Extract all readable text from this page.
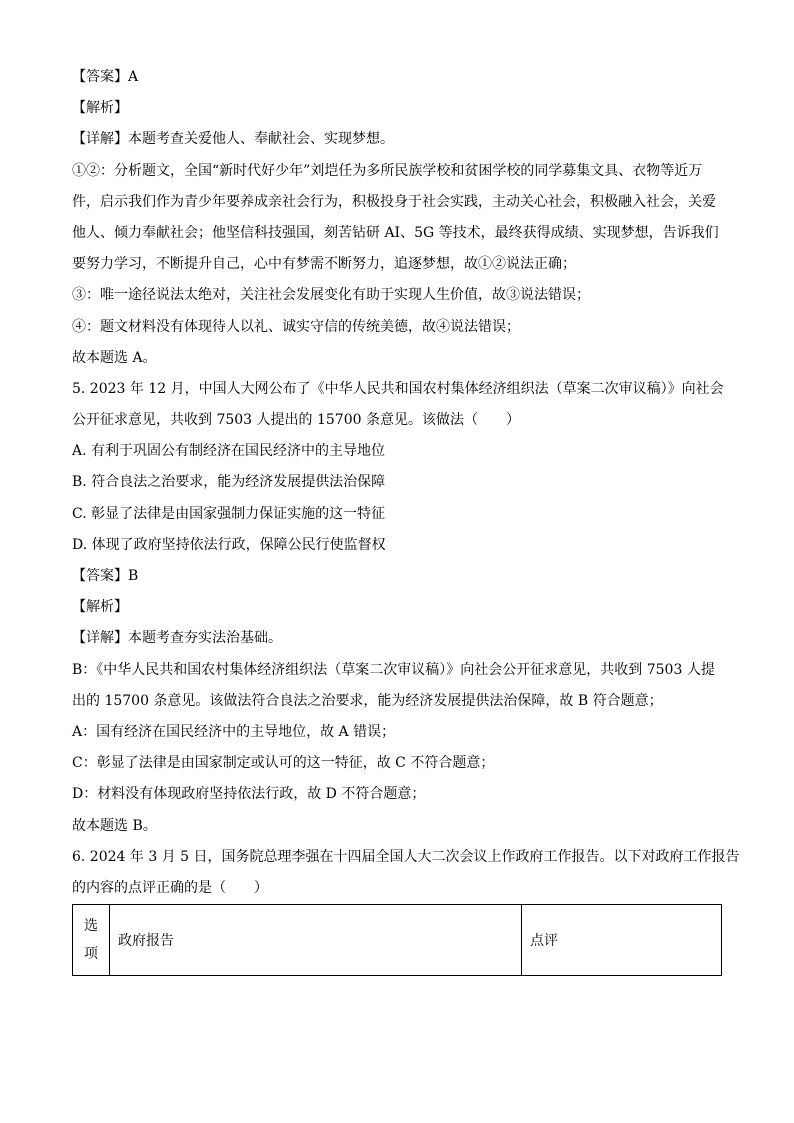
【答案】A
【解析】
【详解】本题考查关爱他人、奉献社会、实现梦想。
①②：分析题文，全国“新时代好少年”刘垲任为多所民族学校和贫困学校的同学募集文具、衣物等近万
件，启示我们作为青少年要养成亲社会行为，积极投身于社会实践，主动关心社会，积极融入社会，关爱
他人、倾力奉献社会；他坚信科技强国，刻苦钻研 AI、5G 等技术，最终获得成绩、实现梦想，告诉我们
要努力学习，不断提升自己，心中有梦需不断努力，追逐梦想，故①②说法正确；
③：唯一途径说法太绝对，关注社会发展变化有助于实现人生价值，故③说法错误；
④：题文材料没有体现待人以礼、诚实守信的传统美德，故④说法错误；
故本题选 A。
5. 2023 年 12 月，中国人大网公布了《中华人民共和国农村集体经济组织法（草案二次审议稿）》向社会
公开征求意见，共收到 7503 人提出的 15700 条意见。该做法（　　）
A. 有利于巩固公有制经济在国民经济中的主导地位
B. 符合良法之治要求，能为经济发展提供法治保障
C. 彰显了法律是由国家强制力保证实施的这一特征
D. 体现了政府坚持依法行政，保障公民行使监督权
【答案】B
【解析】
【详解】本题考查夯实法治基础。
B：《中华人民共和国农村集体经济组织法（草案二次审议稿）》向社会公开征求意见，共收到 7503 人提
出的 15700 条意见。该做法符合良法之治要求，能为经济发展提供法治保障，故 B 符合题意；
A：国有经济在国民经济中的主导地位，故 A 错误；
C：彰显了法律是由国家制定或认可的这一特征，故 C 不符合题意；
D：材料没有体现政府坚持依法行政，故 D 不符合题意；
故本题选 B。
6. 2024 年 3 月 5 日，国务院总理李强在十四届全国人大二次会议上作政府工作报告。以下对政府工作报告
的内容的点评正确的是（　　）
选
项
	政府报告	点评
